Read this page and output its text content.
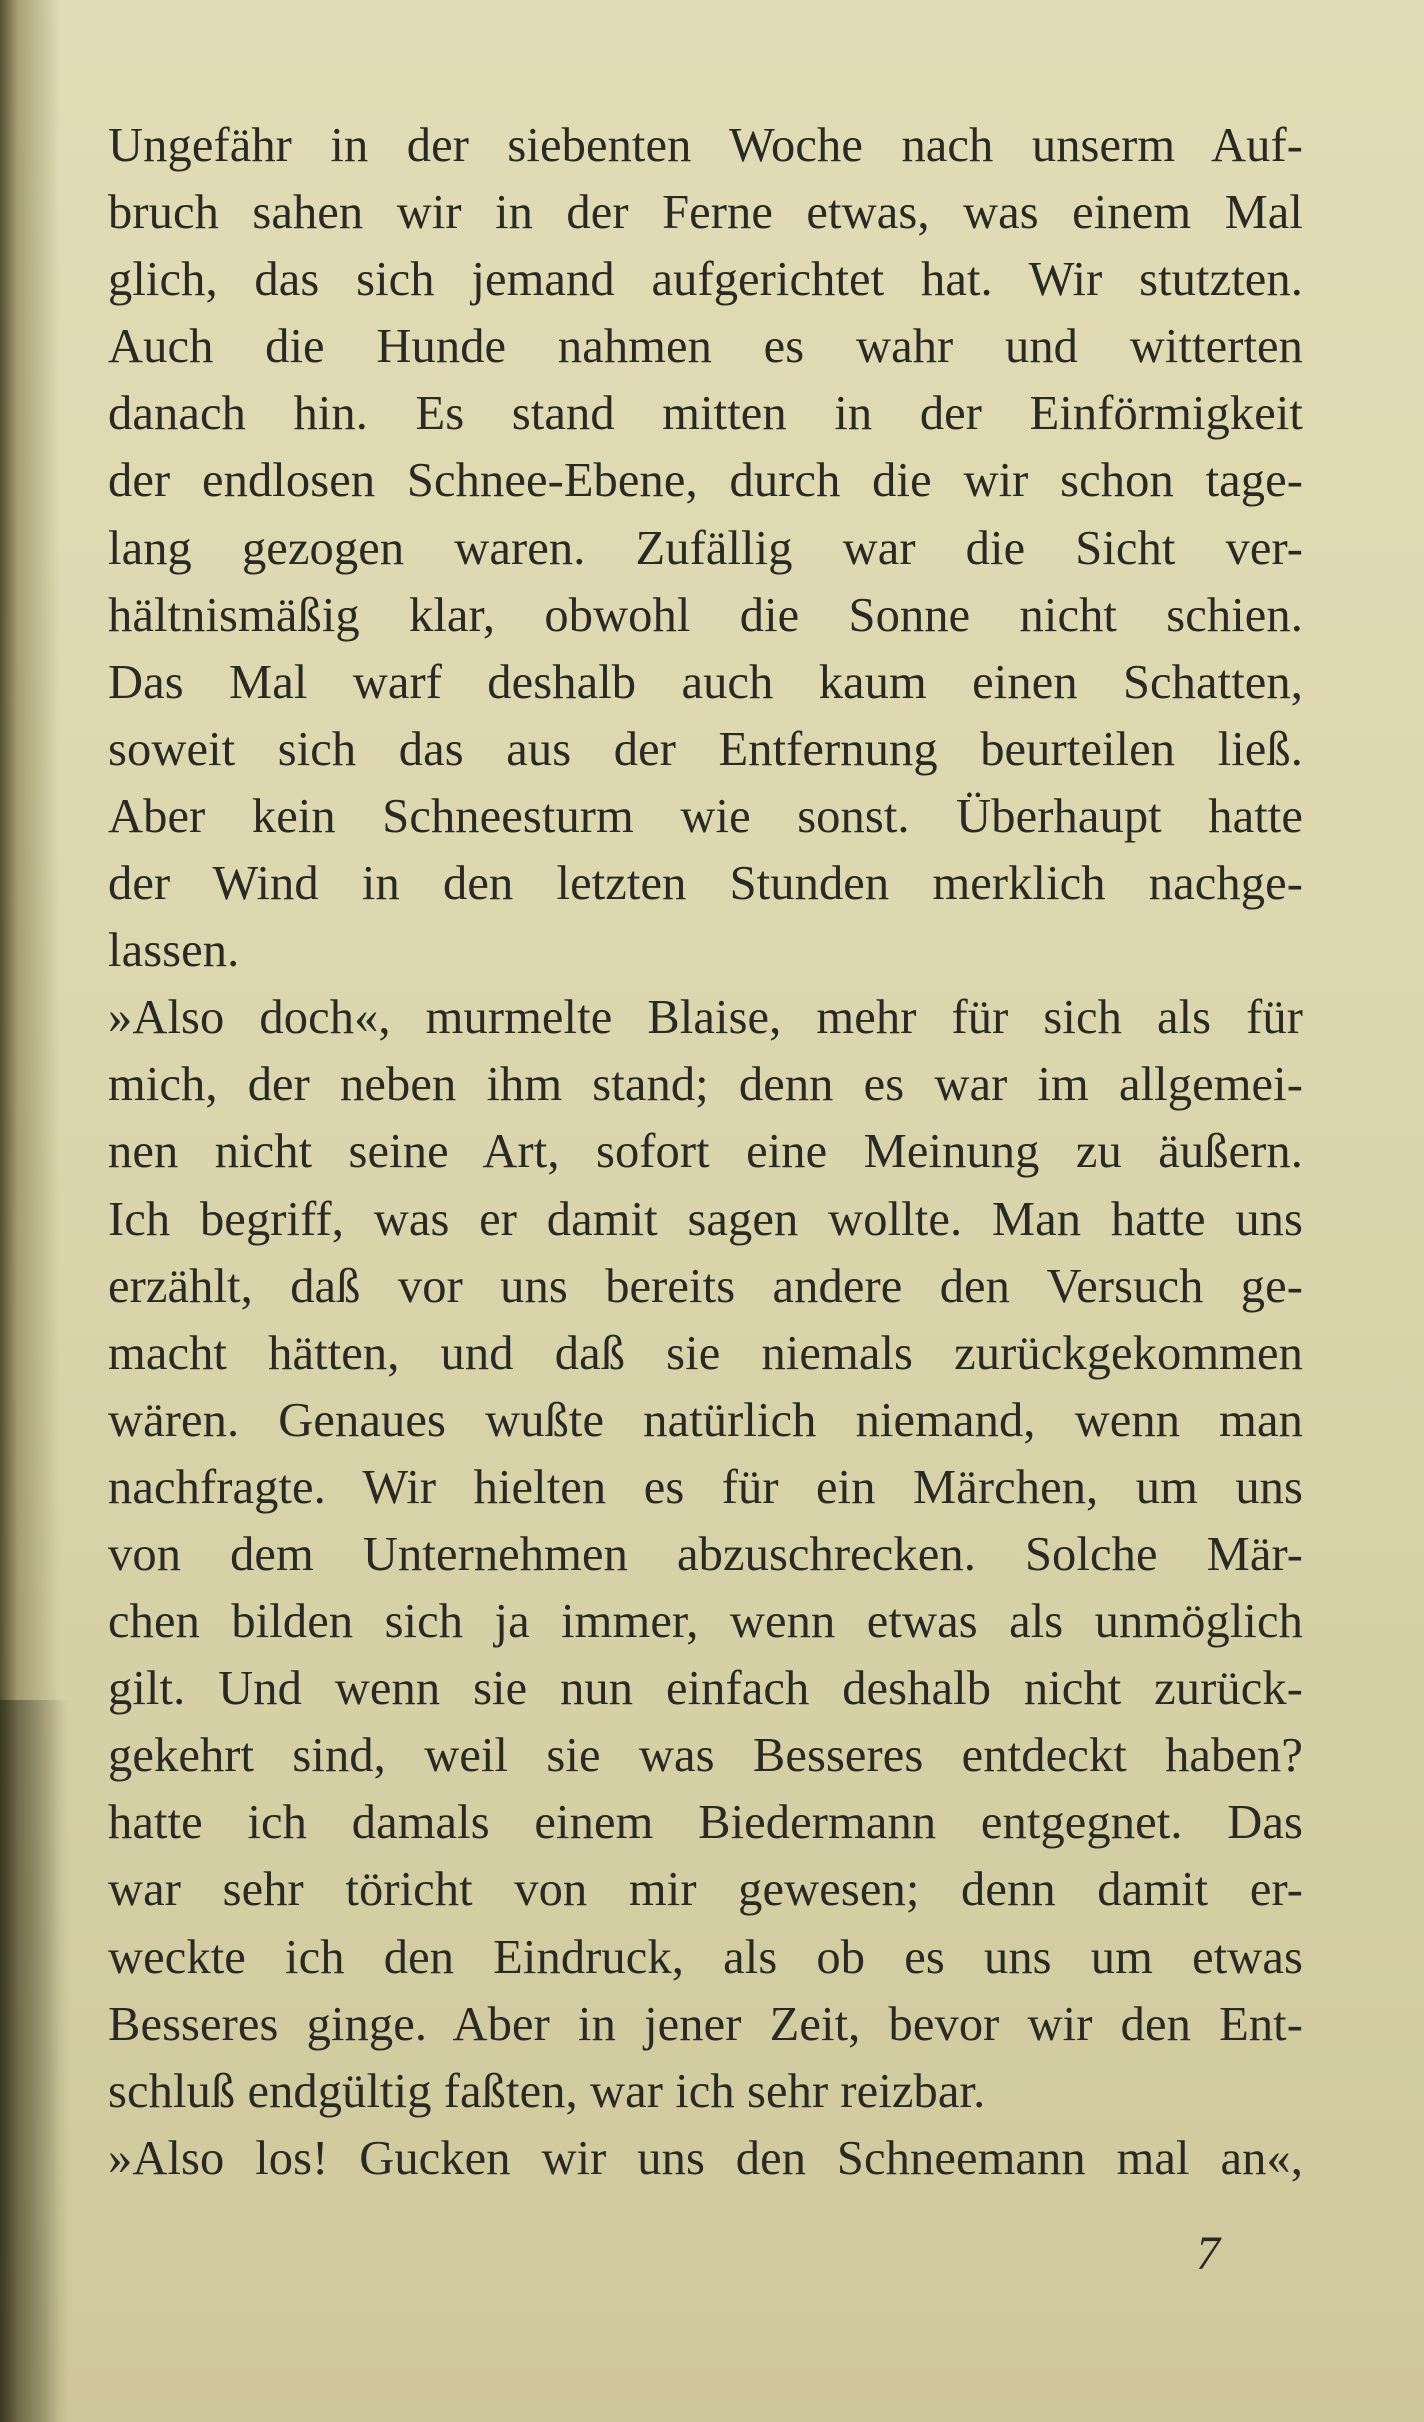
Ungefähr in der siebenten Woche nach unserm Auf-
bruch sahen wir in der Ferne etwas, was einem Mal
glich, das sich jemand aufgerichtet hat. Wir stutzten.
Auch die Hunde nahmen es wahr und witterten
danach hin. Es stand mitten in der Einförmigkeit
der endlosen Schnee-Ebene, durch die wir schon tage-
lang gezogen waren. Zufällig war die Sicht ver-
hältnismäßig klar, obwohl die Sonne nicht schien.
Das Mal warf deshalb auch kaum einen Schatten,
soweit sich das aus der Entfernung beurteilen ließ.
Aber kein Schneesturm wie sonst. Überhaupt hatte
der Wind in den letzten Stunden merklich nachge-
lassen.
»Also doch«, murmelte Blaise, mehr für sich als für
mich, der neben ihm stand; denn es war im allgemei-
nen nicht seine Art, sofort eine Meinung zu äußern.
Ich begriff, was er damit sagen wollte. Man hatte uns
erzählt, daß vor uns bereits andere den Versuch ge-
macht hätten, und daß sie niemals zurückgekommen
wären. Genaues wußte natürlich niemand, wenn man
nachfragte. Wir hielten es für ein Märchen, um uns
von dem Unternehmen abzuschrecken. Solche Mär-
chen bilden sich ja immer, wenn etwas als unmöglich
gilt. Und wenn sie nun einfach deshalb nicht zurück-
gekehrt sind, weil sie was Besseres entdeckt haben?
hatte ich damals einem Biedermann entgegnet. Das
war sehr töricht von mir gewesen; denn damit er-
weckte ich den Eindruck, als ob es uns um etwas
Besseres ginge. Aber in jener Zeit, bevor wir den Ent-
schluß endgültig faßten, war ich sehr reizbar.
»Also los! Gucken wir uns den Schneemann mal an«,
7
